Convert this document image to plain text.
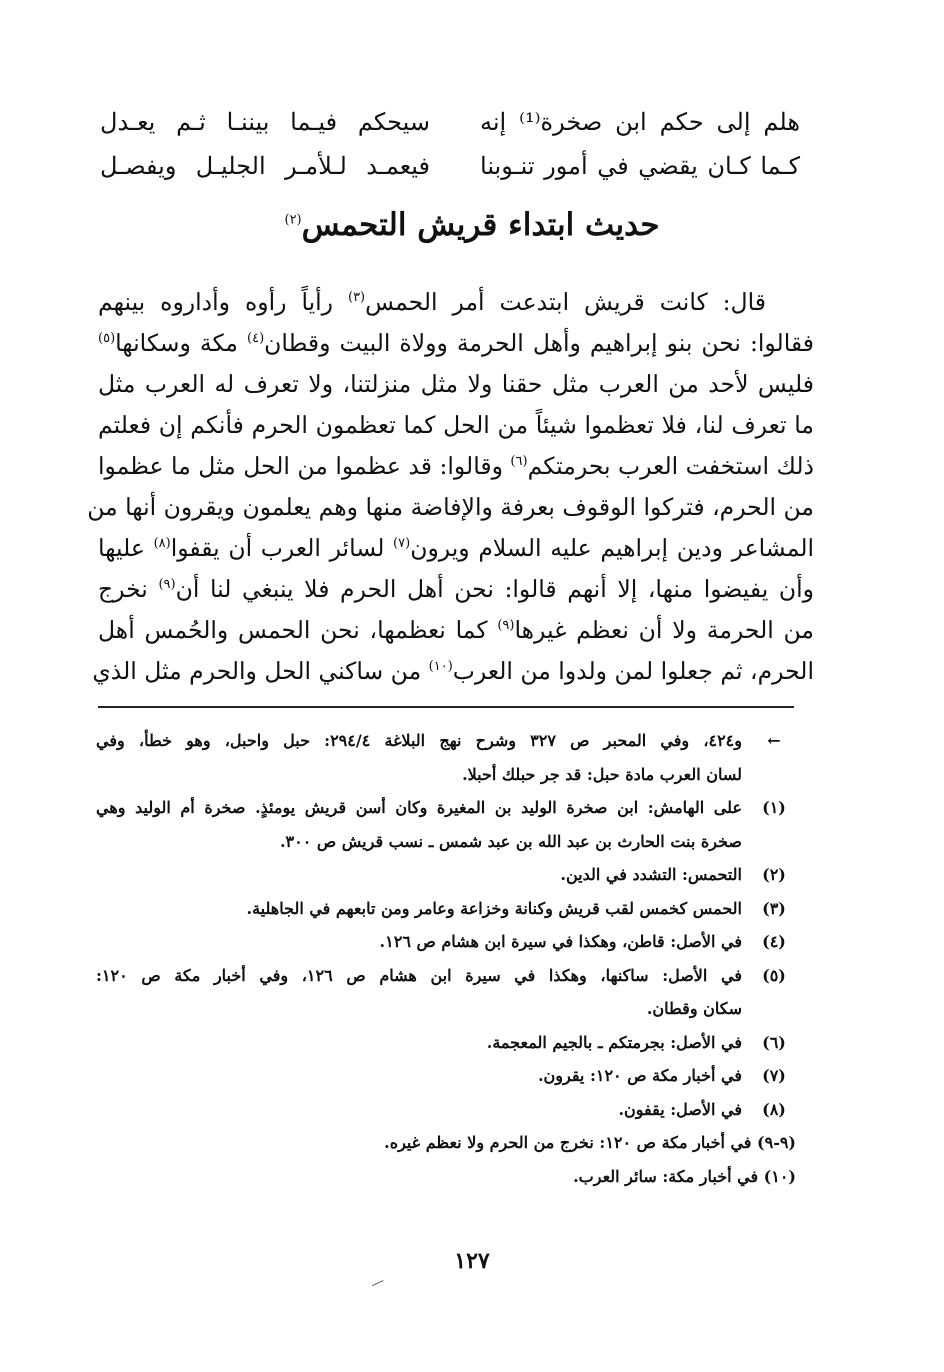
هلم إلى حكم ابن صخرة⁽¹⁾ إنه
سيحكم فيـما بيننـا ثـم يعـدل
كـما كـان يقضي في أمور تنـوبنا
فيعمـد لـلأمـر الجليـل ويفصـل
حديث ابتداء قريش التحمس$^{(٢)}$
قال: كانت قريش ابتدعت أمر الحمس$^{(٣)}$ رأياً رأوه وأداروه بينهم
فقالوا: نحن بنو إبراهيم وأهل الحرمة وولاة البيت وقطان$^{(٤)}$ مكة وسكانها$^{(٥)}$
فليس لأحد من العرب مثل حقنا ولا مثل منزلتنا، ولا تعرف له العرب مثل
ما تعرف لنا، فلا تعظموا شيئاً من الحل كما تعظمون الحرم فأنكم إن فعلتم
ذلك استخفت العرب بحرمتكم$^{(٦)}$ وقالوا: قد عظموا من الحل مثل ما عظموا
من الحرم، فتركوا الوقوف بعرفة والإفاضة منها وهم يعلمون ويقرون أنها من
المشاعر ودين إبراهيم عليه السلام ويرون$^{(٧)}$ لسائر العرب أن يقفوا$^{(٨)}$ عليها
وأن يفيضوا منها، إلا أنهم قالوا: نحن أهل الحرم فلا ينبغي لنا أن$^{(٩)}$ نخرج
من الحرمة ولا أن نعظم غيرها$^{(٩)}$ كما نعظمها، نحن الحمس والحُمس أهل
الحرم، ثم جعلوا لمن ولدوا من العرب$^{(١٠)}$ من ساكني الحل والحرم مثل الذي
←
و٤٢٤، وفي المحبر ص ٣٢٧ وشرح نهج البلاغة ٢٩٤/٤: حبل واحبل، وهو خطأ، وفي
لسان العرب مادة حبل: قد جر حبلك أحبلا.
(١)
على الهامش: ابن صخرة الوليد بن المغيرة وكان أسن قريش يومئذٍ. صخرة أم الوليد وهي
صخرة بنت الحارث بن عبد الله بن عبد شمس ـ نسب قريش ص ٣٠٠.
(٢)
التحمس: التشدد في الدين.
(٣)
الحمس كخمس لقب قريش وكنانة وخزاعة وعامر ومن تابعهم في الجاهلية.
(٤)
في الأصل: قاطن، وهكذا في سيرة ابن هشام ص ١٢٦.
(٥)
في الأصل: ساكنها، وهكذا في سيرة ابن هشام ص ١٢٦، وفي أخبار مكة ص ١٢٠:
سكان وقطان.
(٦)
في الأصل: بجرمتكم ـ بالجيم المعجمة.
(٧)
في أخبار مكة ص ١٢٠: يقرون.
(٨)
في الأصل: يقفون.
(٩-٩) في أخبار مكة ص ١٢٠: نخرج من الحرم ولا نعظم غيره.
(١٠) في أخبار مكة: سائر العرب.
١٢٧
